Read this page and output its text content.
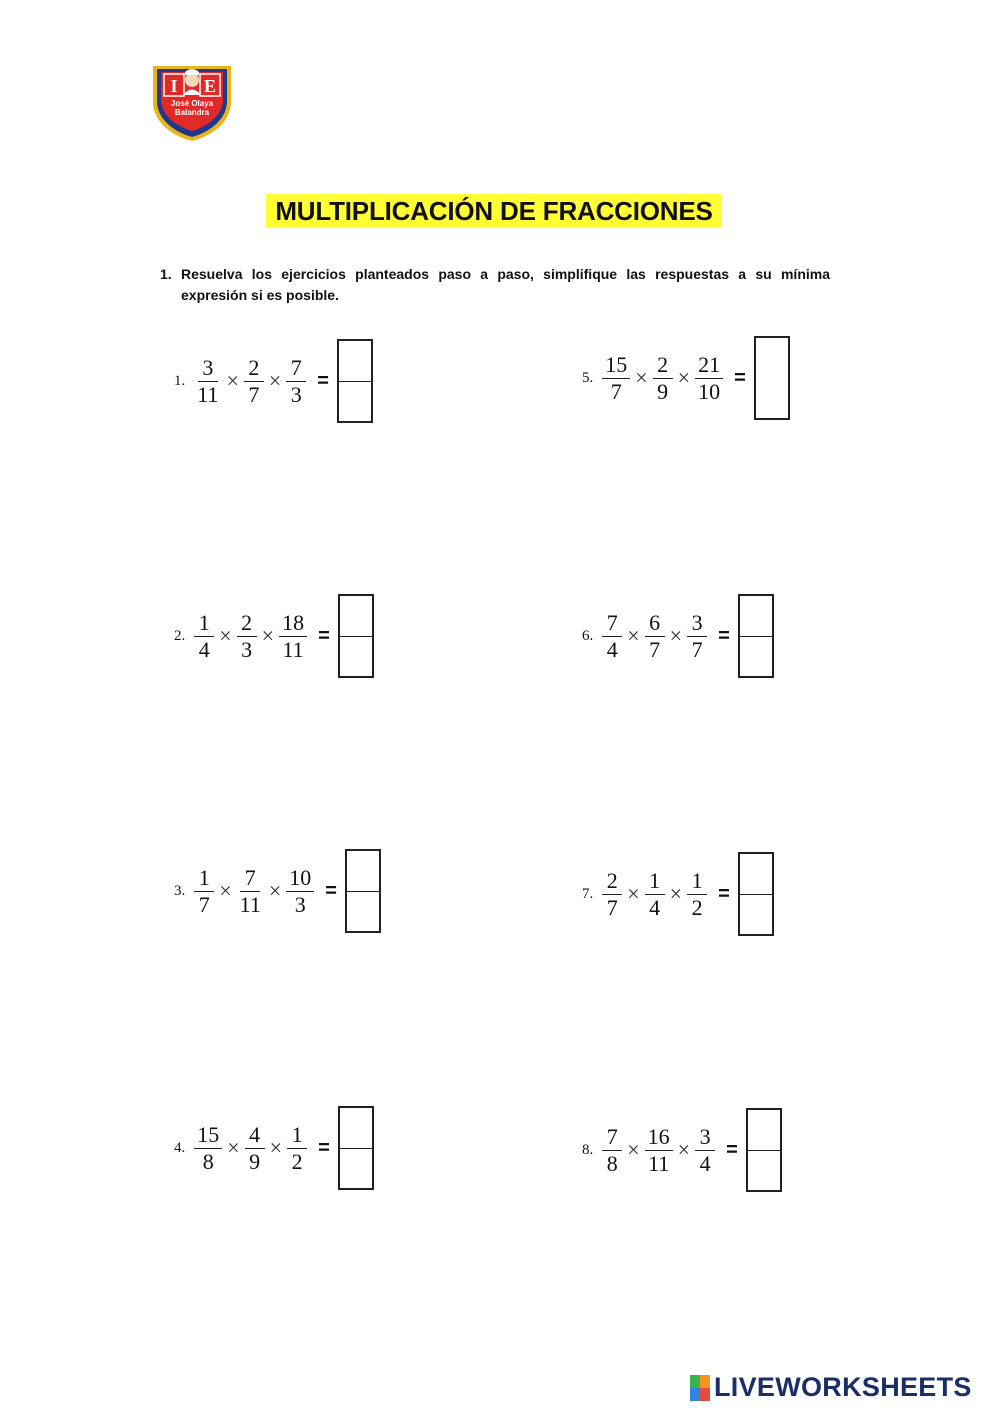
I E
José Olaya
Balandra
MULTIPLICACIÓN DE FRACCIONES
1. Resuelva los ejercicios planteados paso a paso, simplifique las respuestas a su mínima expresión si es posible.
1. $\frac{3}{11} \times \frac{2}{7} \times \frac{7}{3}$ =
2. $\frac{1}{4} \times \frac{2}{3} \times \frac{18}{11}$ =
3. $\frac{1}{7} \times \frac{7}{11} \times \frac{10}{3}$ =
4. $\frac{15}{8} \times \frac{4}{9} \times \frac{1}{2}$ =
5. $\frac{15}{7} \times \frac{2}{9} \times \frac{21}{10}$ =
6. $\frac{7}{4} \times \frac{6}{7} \times \frac{3}{7}$ =
7. $\frac{2}{7} \times \frac{1}{4} \times \frac{1}{2}$ =
8. $\frac{7}{8} \times \frac{16}{11} \times \frac{3}{4}$ =
LIVEWORKSHEETS
